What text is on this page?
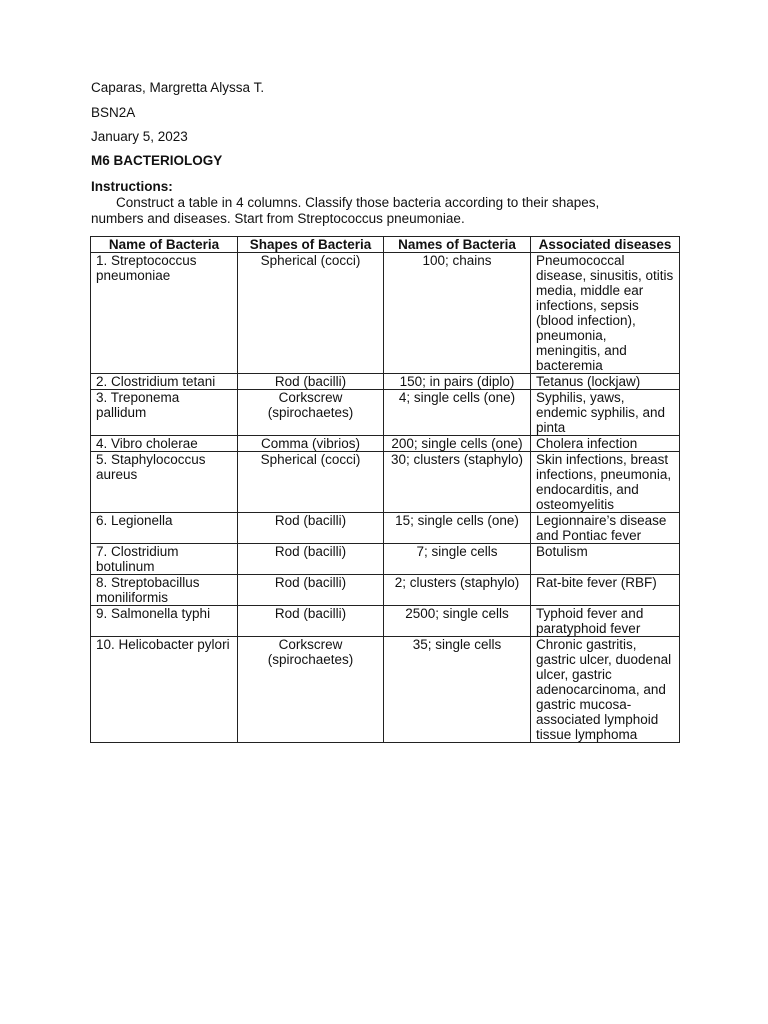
Caparas, Margretta Alyssa T.

BSN2A

January 5, 2023

M6 BACTERIOLOGY

Instructions:

Construct a table in 4 columns. Classify those bacteria according to their shapes,
numbers and diseases. Start from Streptococcus pneumoniae.

Name of Bacteria	Shapes of Bacteria	Names of Bacteria	Associated diseases
1. Streptococcus pneumoniae	Spherical (cocci)	100; chains	Pneumococcal disease, sinusitis, otitis media, middle ear infections, sepsis (blood infection), pneumonia, meningitis, and bacteremia
2. Clostridium tetani	Rod (bacilli)	150; in pairs (diplo)	Tetanus (lockjaw)
3. Treponema pallidum	Corkscrew (spirochaetes)	4; single cells (one)	Syphilis, yaws, endemic syphilis, and pinta
4. Vibro cholerae	Comma (vibrios)	200; single cells (one)	Cholera infection
5. Staphylococcus aureus	Spherical (cocci)	30; clusters (staphylo)	Skin infections, breast infections, pneumonia, endocarditis, and osteomyelitis
6. Legionella	Rod (bacilli)	15; single cells (one)	Legionnaire’s disease and Pontiac fever
7. Clostridium botulinum	Rod (bacilli)	7; single cells	Botulism
8. Streptobacillus moniliformis	Rod (bacilli)	2; clusters (staphylo)	Rat-bite fever (RBF)
9. Salmonella typhi	Rod (bacilli)	2500; single cells	Typhoid fever and paratyphoid fever
10. Helicobacter pylori	Corkscrew (spirochaetes)	35; single cells	Chronic gastritis, gastric ulcer, duodenal ulcer, gastric adenocarcinoma, and gastric mucosa-associated lymphoid tissue lymphoma
